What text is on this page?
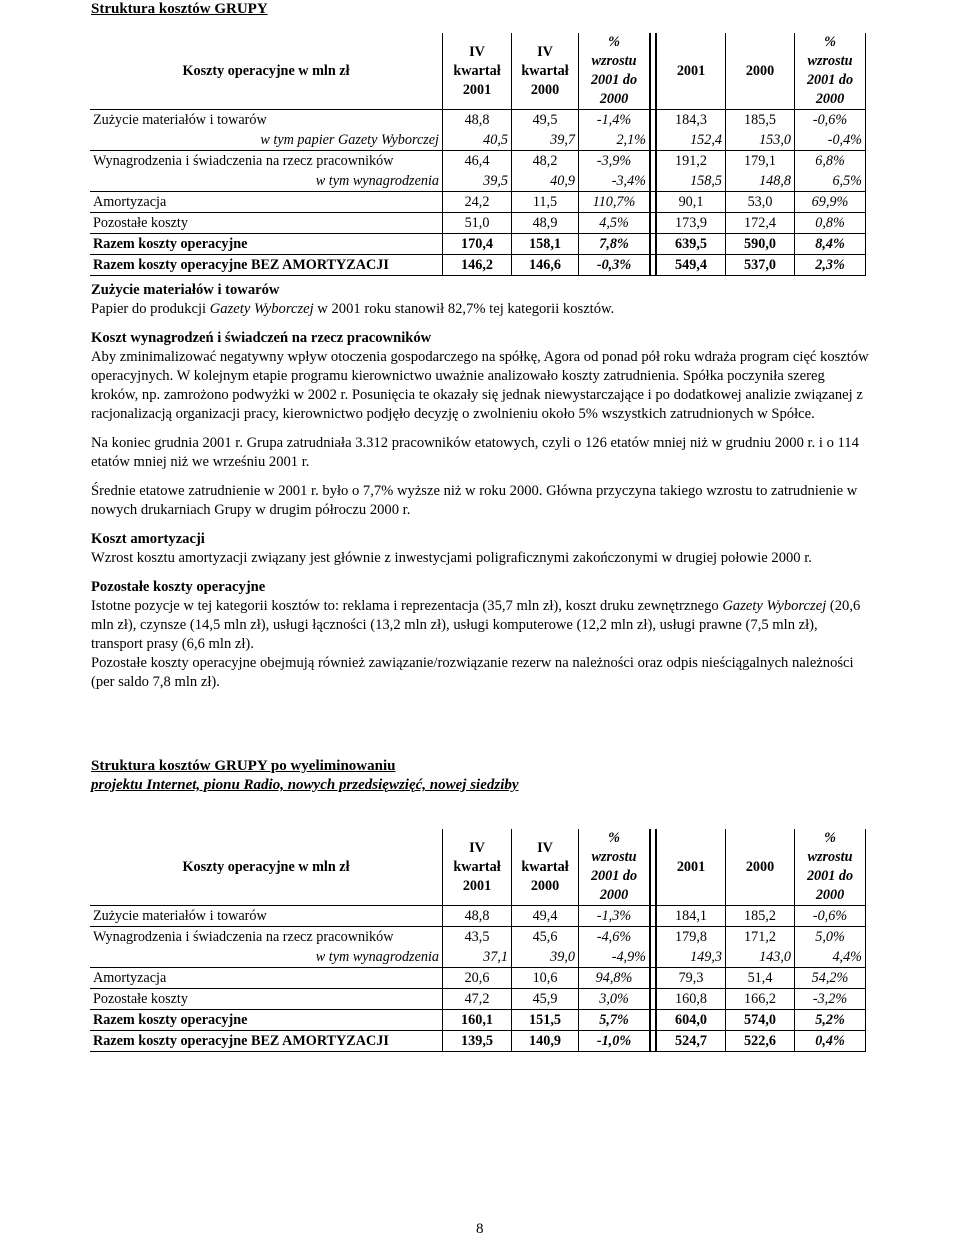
Struktura kosztów GRUPY
Koszty operacyjne w mln zł	IV
kwartał
2001	IV
kwartał
2000	%
wzrostu
2001 do
2000		2001	2000	%
wzrostu
2001 do
2000
Zużycie materiałów i towarów	48,8	49,5	-1,4%		184,3	185,5	-0,6%
w tym papier Gazety Wyborczej	40,5	39,7	2,1%		152,4	153,0	-0,4%
Wynagrodzenia i świadczenia na rzecz pracowników	46,4	48,2	-3,9%		191,2	179,1	6,8%
w tym wynagrodzenia	39,5	40,9	-3,4%		158,5	148,8	6,5%
Amortyzacja	24,2	11,5	110,7%		90,1	53,0	69,9%
Pozostałe koszty	51,0	48,9	4,5%		173,9	172,4	0,8%
Razem koszty operacyjne	170,4	158,1	7,8%		639,5	590,0	8,4%
Razem koszty operacyjne BEZ AMORTYZACJI	146,2	146,6	-0,3%		549,4	537,0	2,3%

Zużycie materiałów i towarów

Papier do produkcji Gazety Wyborczej w 2001 roku stanowił 82,7% tej kategorii kosztów.

Koszt wynagrodzeń i świadczeń na rzecz pracowników

Aby zminimalizować negatywny wpływ otoczenia gospodarczego na spółkę, Agora od ponad pół roku wdraża program cięć kosztów operacyjnych. W kolejnym etapie programu kierownictwo uważnie analizowało koszty zatrudnienia. Spółka poczyniła szereg kroków, np. zamrożono podwyżki w 2002 r. Posunięcia te okazały się jednak niewystarczające i po dodatkowej analizie związanej z racjonalizacją organizacji pracy, kierownictwo podjęło decyzję o zwolnieniu około 5% wszystkich zatrudnionych w Spółce.

Na koniec grudnia 2001 r. Grupa zatrudniała 3.312 pracowników etatowych, czyli o 126 etatów mniej niż w grudniu 2000 r. i o 114 etatów mniej niż we wrześniu 2001 r.

Średnie etatowe zatrudnienie w 2001 r. było o 7,7% wyższe niż w roku 2000. Główna przyczyna takiego wzrostu to zatrudnienie w nowych drukarniach Grupy w drugim półroczu 2000 r.

Koszt amortyzacji

Wzrost kosztu amortyzacji związany jest głównie z inwestycjami poligraficznymi zakończonymi w drugiej połowie 2000 r.

Pozostałe koszty operacyjne

Istotne pozycje w tej kategorii kosztów to: reklama i reprezentacja (35,7 mln zł), koszt druku zewnętrznego Gazety Wyborczej (20,6 mln zł), czynsze (14,5 mln zł), usługi łączności (13,2 mln zł), usługi komputerowe (12,2 mln zł), usługi prawne (7,5 mln zł), transport prasy (6,6 mln zł).

Pozostałe koszty operacyjne obejmują również zawiązanie/rozwiązanie rezerw na należności oraz odpis nieściągalnych należności (per saldo 7,8 mln zł).

Struktura kosztów GRUPY po wyeliminowaniu
projektu Internet, pionu Radio, nowych przedsięwzięć, nowej siedziby
Koszty operacyjne w mln zł	IV
kwartał
2001	IV
kwartał
2000	%
wzrostu
2001 do
2000		2001	2000	%
wzrostu
2001 do
2000
Zużycie materiałów i towarów	48,8	49,4	-1,3%		184,1	185,2	-0,6%
Wynagrodzenia i świadczenia na rzecz pracowników	43,5	45,6	-4,6%		179,8	171,2	5,0%
w tym wynagrodzenia	37,1	39,0	-4,9%		149,3	143,0	4,4%
Amortyzacja	20,6	10,6	94,8%		79,3	51,4	54,2%
Pozostałe koszty	47,2	45,9	3,0%		160,8	166,2	-3,2%
Razem koszty operacyjne	160,1	151,5	5,7%		604,0	574,0	5,2%
Razem koszty operacyjne BEZ AMORTYZACJI	139,5	140,9	-1,0%		524,7	522,6	0,4%
8
